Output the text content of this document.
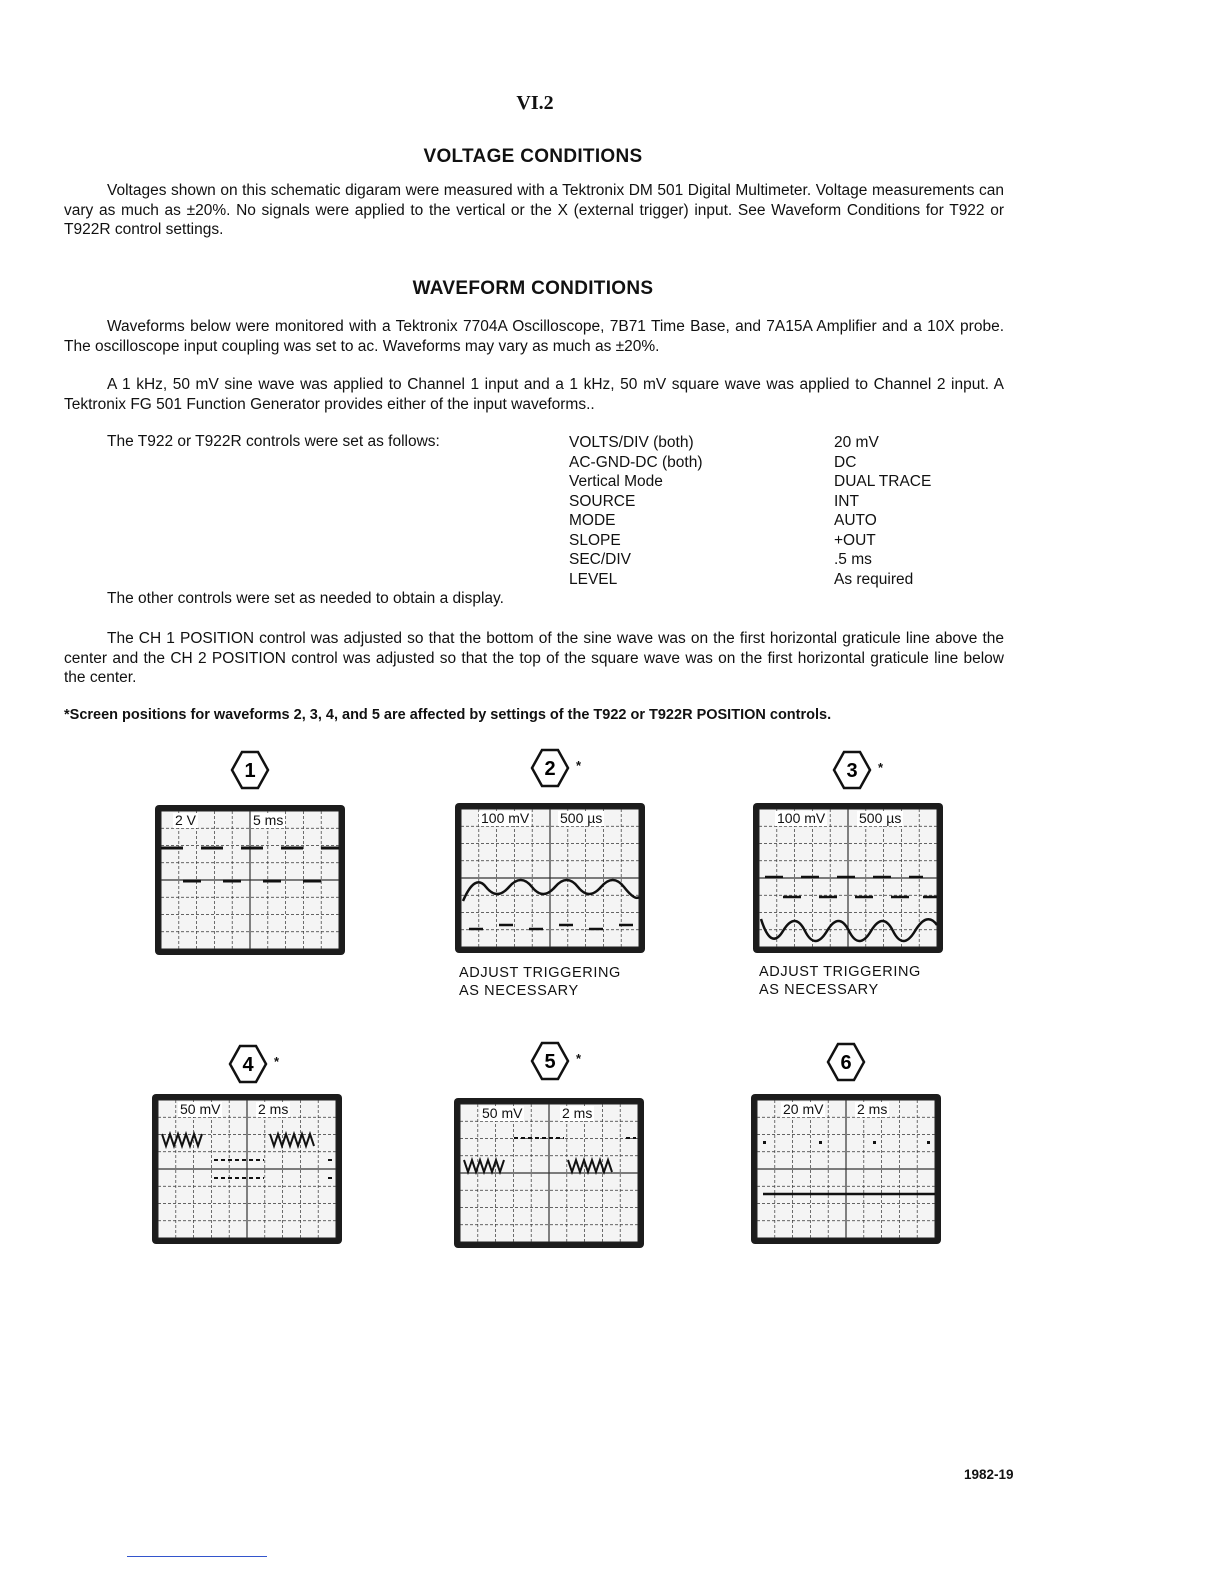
VI.2
VOLTAGE CONDITIONS

Voltages shown on this schematic digaram were measured with a Tektronix DM 501 Digital Multimeter. Voltage measurements can vary as much as ±20%. No signals were applied to the vertical or the X (external trigger) input. See Waveform Conditions for T922 or T922R control settings.

WAVEFORM CONDITIONS

Waveforms below were monitored with a Tektronix 7704A Oscilloscope, 7B71 Time Base, and 7A15A Amplifier and a 10X probe. The oscilloscope input coupling was set to ac. Waveforms may vary as much as ±20%.

A 1 kHz, 50 mV sine wave was applied to Channel 1 input and a 1 kHz, 50 mV square wave was applied to Channel 2 input. A Tektronix FG 501 Function Generator provides either of the input waveforms..

The T922 or T922R controls were set as follows:	VOLTS/DIV (both)	20 mV
AC-GND-DC (both)	DC
Vertical Mode	DUAL TRACE
SOURCE	INT
MODE	AUTO
SLOPE	+OUT
SEC/DIV	.5 ms
LEVEL	As required
The other controls were set as needed to obtain a display.

The CH 1 POSITION control was adjusted so that the bottom of the sine wave was on the first horizontal graticule line above the center and the CH 2 POSITION control was adjusted so that the top of the square wave was on the first horizontal graticule line below the center.

*Screen positions for waveforms 2, 3, 4, and 5 are affected by settings of the T922 or T922R POSITION controls.
1
2 V	5 ms
2 *
100 mV 500 µs
ADJUST TRIGGERING
AS NECESSARY
3 *
100 mV 500 µs
ADJUST TRIGGERING
AS NECESSARY
4 *
50 mV	2 ms
5 *
50 mV	2 ms
6
20 mV 2 ms
1982-19
